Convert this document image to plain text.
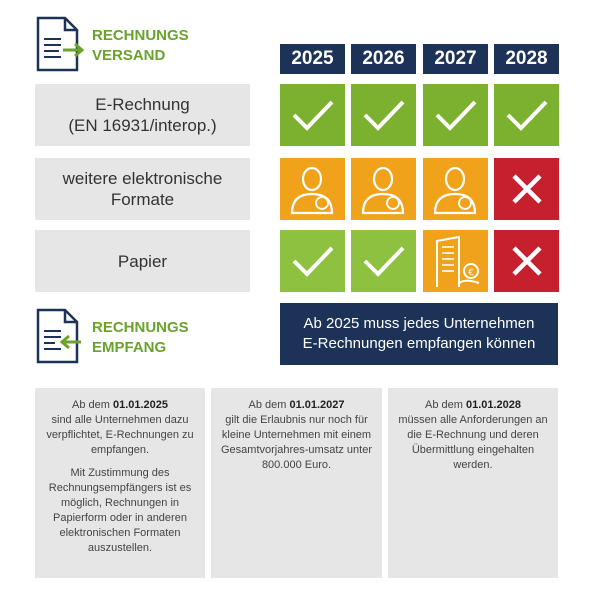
RECHNUNGS
VERSAND	2025	2026	2027	2028
E-Rechnung
(EN 16931/interop.)
weitere elektronische
Formate
Papier
€
RECHNUNGS
EMPFANG
Ab 2025 muss jedes Unternehmen
E-Rechnungen empfangen können

Ab dem 01.01.2025
sind alle Unternehmen dazu verpflichtet, E-Rechnungen zu empfangen.

Mit Zustimmung des Rechnungsempfängers ist es möglich, Rechnungen in Papierform oder in anderen elektronischen Formaten auszustellen.

Ab dem 01.01.2027
gilt die Erlaubnis nur noch für kleine Unternehmen mit einem Gesamtvorjahres-umsatz unter 800.000 Euro.

Ab dem 01.01.2028
müssen alle Anforderungen an die E-Rechnung und deren Übermittlung eingehalten werden.
